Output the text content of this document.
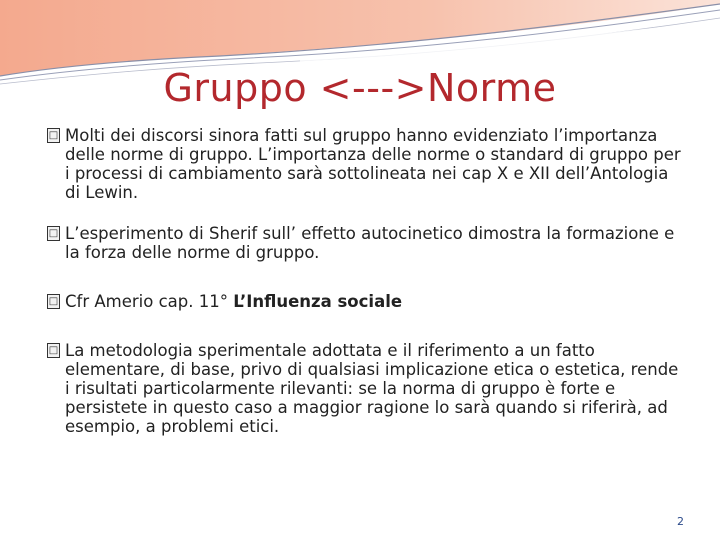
Gruppo <--->Norme
□ Molti dei discorsi sinora fatti sul gruppo hanno evidenziato l’importanza delle norme di gruppo. L’importanza delle norme o standard di gruppo per i processi di cambiamento sarà sottolineata nei cap X e XII dell’Antologia di Lewin.
□ L’esperimento di Sherif sull’ effetto autocinetico dimostra la formazione e la forza delle norme di gruppo.
□ Cfr Amerio cap. 11° L’Influenza sociale
□ La metodologia sperimentale adottata e il riferimento a un fatto elementare, di base, privo di qualsiasi implicazione etica o estetica, rende i risultati particolarmente rilevanti: se la norma di gruppo è forte e persistete in questo caso a maggior ragione lo sarà quando si riferirà, ad esempio, a problemi etici.
2
